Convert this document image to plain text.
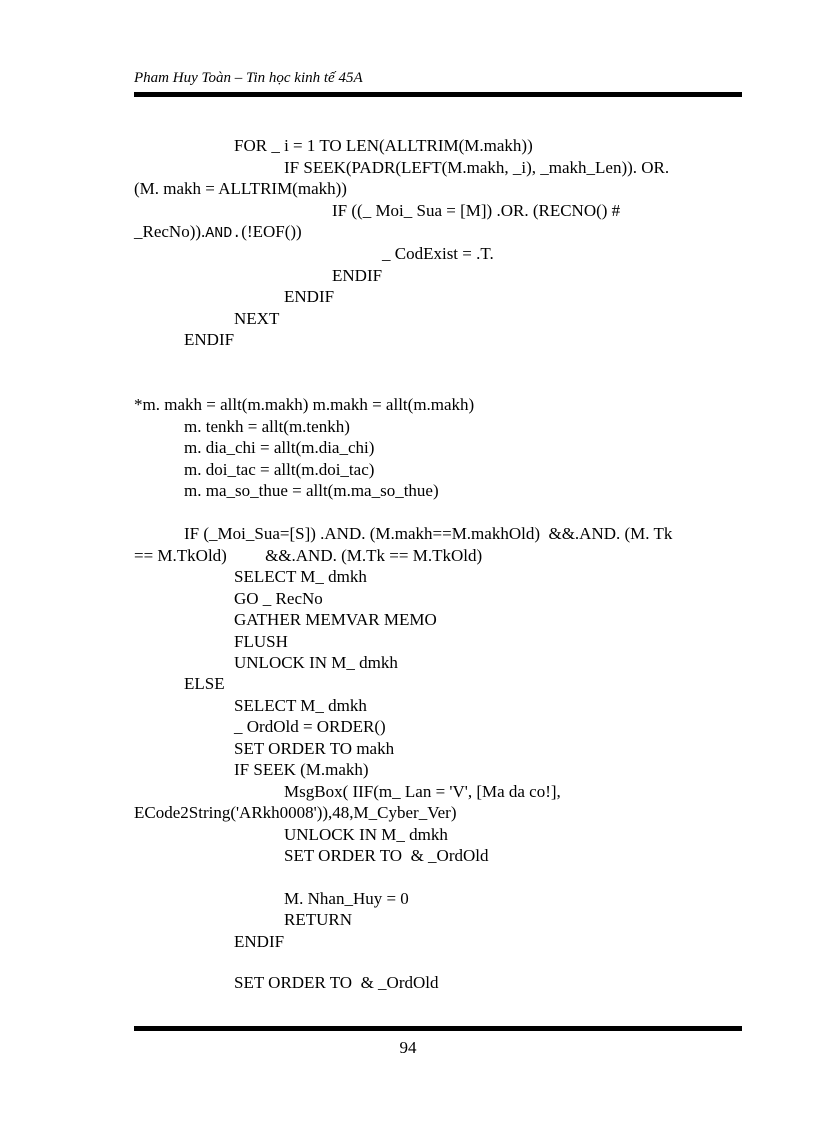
Pham Huy Toàn – Tin học kinh tế 45A
FOR _ i = 1 TO LEN(ALLTRIM(M.makh))
IF SEEK(PADR(LEFT(M.makh, _i), _makh_Len)). OR.
(M. makh = ALLTRIM(makh))
IF ((_ Moi_ Sua = [M]) .OR. (RECNO() #
_RecNo)).AND.(!EOF())
_ CodExist = .T.
ENDIF
ENDIF
NEXT
ENDIF
*m. makh = allt(m.makh) m.makh = allt(m.makh)
m. tenkh = allt(m.tenkh)
m. dia_chi = allt(m.dia_chi)
m. doi_tac = allt(m.doi_tac)
m. ma_so_thue = allt(m.ma_so_thue)
IF (_Moi_Sua=[S]) .AND. (M.makh==M.makhOld)  &&.AND. (M. Tk
== M.TkOld)         &&.AND. (M.Tk == M.TkOld)
SELECT M_ dmkh
GO _ RecNo
GATHER MEMVAR MEMO
FLUSH
UNLOCK IN M_ dmkh
ELSE
SELECT M_ dmkh
_ OrdOld = ORDER()
SET ORDER TO makh
IF SEEK (M.makh)
MsgBox( IIF(m_ Lan = 'V', [Ma da co!],
ECode2String('ARkh0008')),48,M_Cyber_Ver)
UNLOCK IN M_ dmkh
SET ORDER TO  & _OrdOld
M. Nhan_Huy = 0
RETURN
ENDIF
SET ORDER TO  & _OrdOld
94
